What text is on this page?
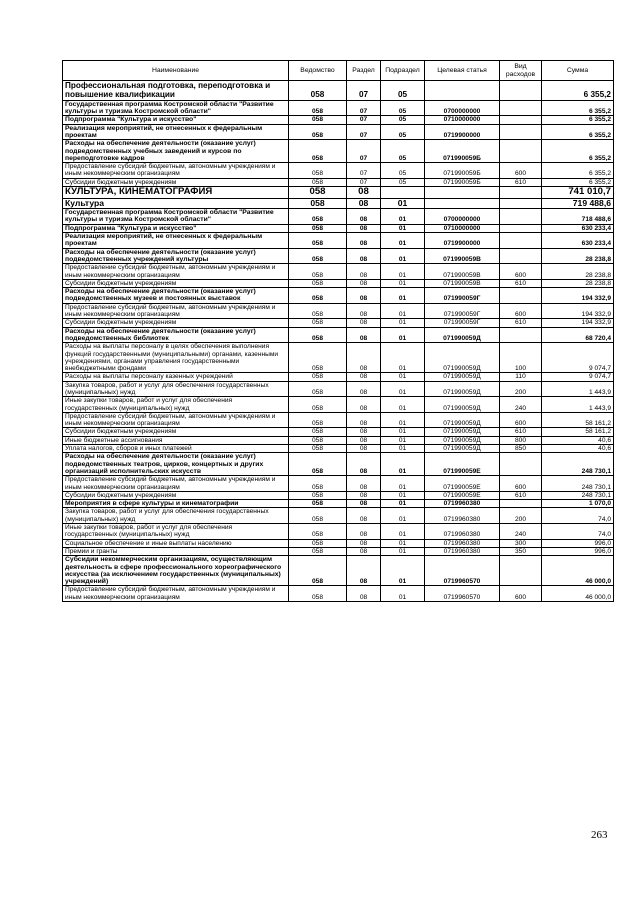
Наименование	Ведомство	Раздел	Подраздел	Целевая статья	Вид расходов	Сумма
Профессиональная подготовка, переподготовка и повышение квалификации	058	07	05			6 355,2
Государственная программа Костромской области "Развитие культуры и туризма Костромской области"	058	07	05	0700000000		6 355,2
Подпрограмма "Культура и искусство"	058	07	05	0710000000		6 355,2
Реализация мероприятий, не отнесенных к федеральным проектам	058	07	05	0719900000		6 355,2
Расходы на обеспечение деятельности (оказание услуг) подведомственных учебных заведений и курсов по переподготовке кадров	058	07	05	071990059Б		6 355,2
Предоставление субсидий бюджетным, автономным учреждениям и иным некоммерческим организациям	058	07	05	071990059Б	600	6 355,2
Субсидии бюджетным учреждениям	058	07	05	071990059Б	610	6 355,2
КУЛЬТУРА, КИНЕМАТОГРАФИЯ	058	08				741 010,7
Культура	058	08	01			719 488,6
Государственная программа Костромской области "Развитие культуры и туризма Костромской области"	058	08	01	0700000000		718 488,6
Подпрограмма "Культура и искусство"	058	08	01	0710000000		630 233,4
Реализация мероприятий, не отнесенных к федеральным проектам	058	08	01	0719900000		630 233,4
Расходы на обеспечение деятельности (оказание услуг) подведомственных учреждений культуры	058	08	01	071990059В		28 238,8
Предоставление субсидий бюджетным, автономным учреждениям и иным некоммерческим организациям	058	08	01	071990059В	600	28 238,8
Субсидии бюджетным учреждениям	058	08	01	071990059В	610	28 238,8
Расходы на обеспечение деятельности (оказание услуг) подведомственных музеев и постоянных выставок	058	08	01	071990059Г		194 332,9
Предоставление субсидий бюджетным, автономным учреждениям и иным некоммерческим организациям	058	08	01	071990059Г	600	194 332,9
Субсидии бюджетным учреждениям	058	08	01	071990059Г	610	194 332,9
Расходы на обеспечение деятельности (оказание услуг) подведомственных библиотек	058	08	01	071990059Д		68 720,4
Расходы на выплаты персоналу в целях обеспечения выполнения функций государственными (муниципальными) органами, казенными учреждениями, органами управления государственными внебюджетными фондами	058	08	01	071990059Д	100	9 074,7
Расходы на выплаты персоналу казенных учреждений	058	08	01	071990059Д	110	9 074,7
Закупка товаров, работ и услуг для обеспечения государственных (муниципальных) нужд	058	08	01	071990059Д	200	1 443,9
Иные закупки товаров, работ и услуг для обеспечения государственных (муниципальных) нужд	058	08	01	071990059Д	240	1 443,9
Предоставление субсидий бюджетным, автономным учреждениям и иным некоммерческим организациям	058	08	01	071990059Д	600	58 161,2
Субсидии бюджетным учреждениям	058	08	01	071990059Д	610	58 161,2
Иные бюджетные ассигнования	058	08	01	071990059Д	800	40,6
Уплата налогов, сборов и иных платежей	058	08	01	071990059Д	850	40,6
Расходы на обеспечение деятельности (оказание услуг) подведомственных театров, цирков, концертных и других организаций исполнительских искусств	058	08	01	071990059Е		248 730,1
Предоставление субсидий бюджетным, автономным учреждениям и иным некоммерческим организациям	058	08	01	071990059Е	600	248 730,1
Субсидии бюджетным учреждениям	058	08	01	071990059Е	610	248 730,1
Мероприятия в сфере культуры и кинематографии	058	08	01	0719960380		1 070,0
Закупка товаров, работ и услуг для обеспечения государственных (муниципальных) нужд	058	08	01	0719960380	200	74,0
Иные закупки товаров, работ и услуг для обеспечения государственных (муниципальных) нужд	058	08	01	0719960380	240	74,0
Социальное обеспечение и иные выплаты населению	058	08	01	0719960380	300	996,0
Премии и гранты	058	08	01	0719960380	350	996,0
Субсидии некоммерческим организациям, осуществляющим деятельность в сфере профессионального хореографического искусства (за исключением государственных (муниципальных) учреждений)	058	08	01	0719960570		46 000,0
Предоставление субсидий бюджетным, автономным учреждениям и иным некоммерческим организациям	058	08	01	0719960570	600	46 000,0
263
